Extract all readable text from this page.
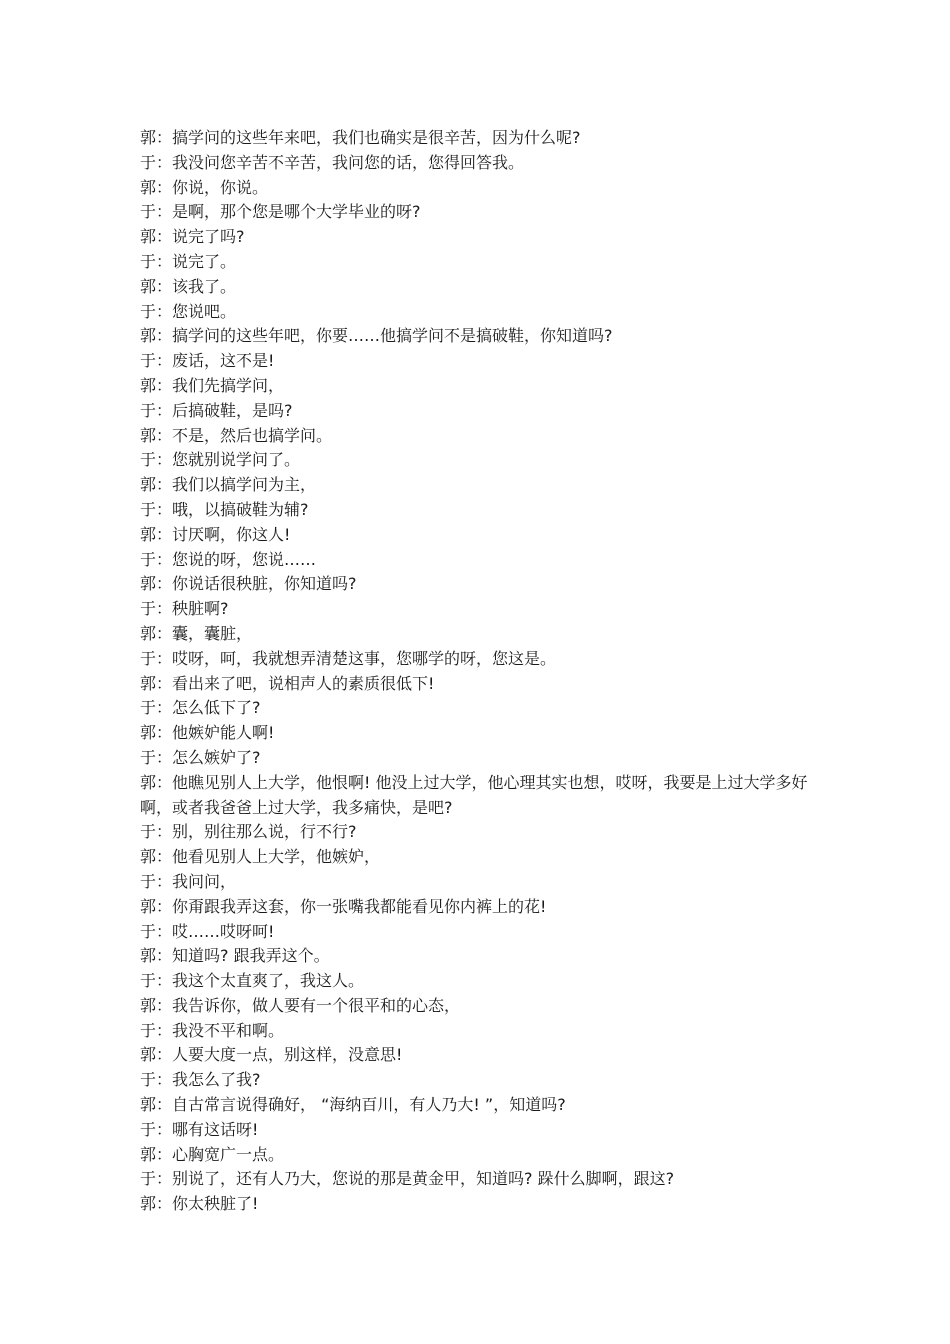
郭：搞学问的这些年来吧，我们也确实是很辛苦，因为什么呢?
于：我没问您辛苦不辛苦，我问您的话，您得回答我。
郭：你说，你说。
于：是啊，那个您是哪个大学毕业的呀?
郭：说完了吗?
于：说完了。
郭：该我了。
于：您说吧。
郭：搞学问的这些年吧，你要……他搞学问不是搞破鞋，你知道吗?
于：废话，这不是!
郭：我们先搞学问，
于：后搞破鞋，是吗?
郭：不是，然后也搞学问。
于：您就别说学问了。
郭：我们以搞学问为主，
于：哦，以搞破鞋为辅?
郭：讨厌啊，你这人!
于：您说的呀，您说……
郭：你说话很秧脏，你知道吗?
于：秧脏啊?
郭：囊，囊脏，
于：哎呀，呵，我就想弄清楚这事，您哪学的呀，您这是。
郭：看出来了吧，说相声人的素质很低下!
于：怎么低下了?
郭：他嫉妒能人啊!
于：怎么嫉妒了?
郭：他瞧见别人上大学，他恨啊! 他没上过大学，他心理其实也想，哎呀，我要是上过大学多好啊，或者我爸爸上过大学，我多痛快，是吧?
于：别，别往那么说，行不行?
郭：他看见别人上大学，他嫉妒，
于：我问问，
郭：你甭跟我弄这套，你一张嘴我都能看见你内裤上的花!
于：哎……哎呀呵!
郭：知道吗? 跟我弄这个。
于：我这个太直爽了，我这人。
郭：我告诉你，做人要有一个很平和的心态，
于：我没不平和啊。
郭：人要大度一点，别这样，没意思!
于：我怎么了我?
郭：自古常言说得确好， “海纳百川，有人乃大! ”，知道吗?
于：哪有这话呀!
郭：心胸宽广一点。
于：别说了，还有人乃大，您说的那是黄金甲，知道吗? 跺什么脚啊，跟这?
郭：你太秧脏了!
